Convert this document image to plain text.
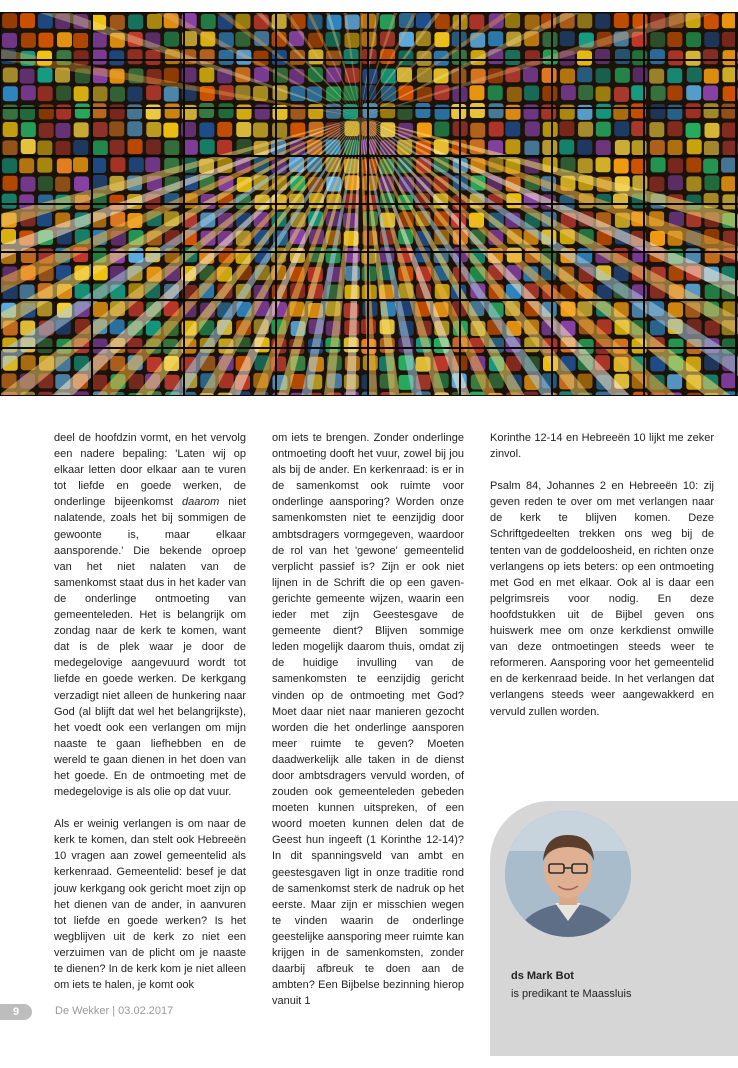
deel de hoofdzin vormt, en het vervolg een nadere bepaling: 'Laten wij op elkaar letten door elkaar aan te vuren tot liefde en goede werken, de onderlinge bijeenkomst daarom niet nalatende, zoals het bij sommigen de gewoonte is, maar elkaar aansporende.' Die bekende oproep van het niet nalaten van de samenkomst staat dus in het kader van de onderlinge ontmoeting van gemeenteleden. Het is belangrijk om zondag naar de kerk te komen, want dat is de plek waar je door de medegelovige aangevuurd wordt tot liefde en goede werken. De kerkgang verzadigt niet alleen de hunkering naar God (al blijft dat wel het belangrijkste), het voedt ook een verlangen om mijn naaste te gaan liefhebben en de wereld te gaan dienen in het doen van het goede. En de ontmoeting met de medegelovige is als olie op dat vuur.

Als er weinig verlangen is om naar de kerk te komen, dan stelt ook Hebreeën 10 vragen aan zowel gemeentelid als kerkenraad. Gemeentelid: besef je dat jouw kerkgang ook gericht moet zijn op het dienen van de ander, in aanvuren tot liefde en goede werken? Is het wegblijven uit de kerk zo niet een verzuimen van de plicht om je naaste te dienen? In de kerk kom je niet alleen om iets te halen, je komt ook

om iets te brengen. Zonder onderlinge ontmoeting dooft het vuur, zowel bij jou als bij de ander. En kerkenraad: is er in de samenkomst ook ruimte voor onderlinge aansporing? Worden onze samenkomsten niet te eenzijdig door ambtsdragers vormgegeven, waardoor de rol van het 'gewone' gemeentelid verplicht passief is? Zijn er ook niet lijnen in de Schrift die op een gaven-gerichte gemeente wijzen, waarin een ieder met zijn Geestesgave de gemeente dient? Blijven sommige leden mogelijk daarom thuis, omdat zij de huidige invulling van de samenkomsten te eenzijdig gericht vinden op de ontmoeting met God? Moet daar niet naar manieren gezocht worden die het onderlinge aansporen meer ruimte te geven? Moeten daadwerkelijk alle taken in de dienst door ambtsdragers vervuld worden, of zouden ook gemeenteleden gebeden moeten kunnen uitspreken, of een woord moeten kunnen delen dat de Geest hun ingeeft (1 Korinthe 12-14)? In dit spanningsveld van ambt en geestesgaven ligt in onze traditie rond de samenkomst sterk de nadruk op het eerste. Maar zijn er misschien wegen te vinden waarin de onderlinge geestelijke aansporing meer ruimte kan krijgen in de samenkomsten, zonder daarbij afbreuk te doen aan de ambten? Een Bijbelse bezinning hierop vanuit 1

Korinthe 12-14 en Hebreeën 10 lijkt me zeker zinvol.

Psalm 84, Johannes 2 en Hebreeën 10: zij geven reden te over om met verlangen naar de kerk te blijven komen. Deze Schriftgedeelten trekken ons weg bij de tenten van de goddeloosheid, en richten onze verlangens op iets beters: op een ontmoeting met God en met elkaar. Ook al is daar een pelgrimsreis voor nodig. En deze hoofdstukken uit de Bijbel geven ons huiswerk mee om onze kerkdienst omwille van deze ontmoetingen steeds weer te reformeren. Aansporing voor het gemeentelid en de kerkenraad beide. In het verlangen dat verlangens steeds weer aangewakkerd en vervuld zullen worden.

ds Mark Bot
is predikant te Maassluis
9	De Wekker | 03.02.2017
